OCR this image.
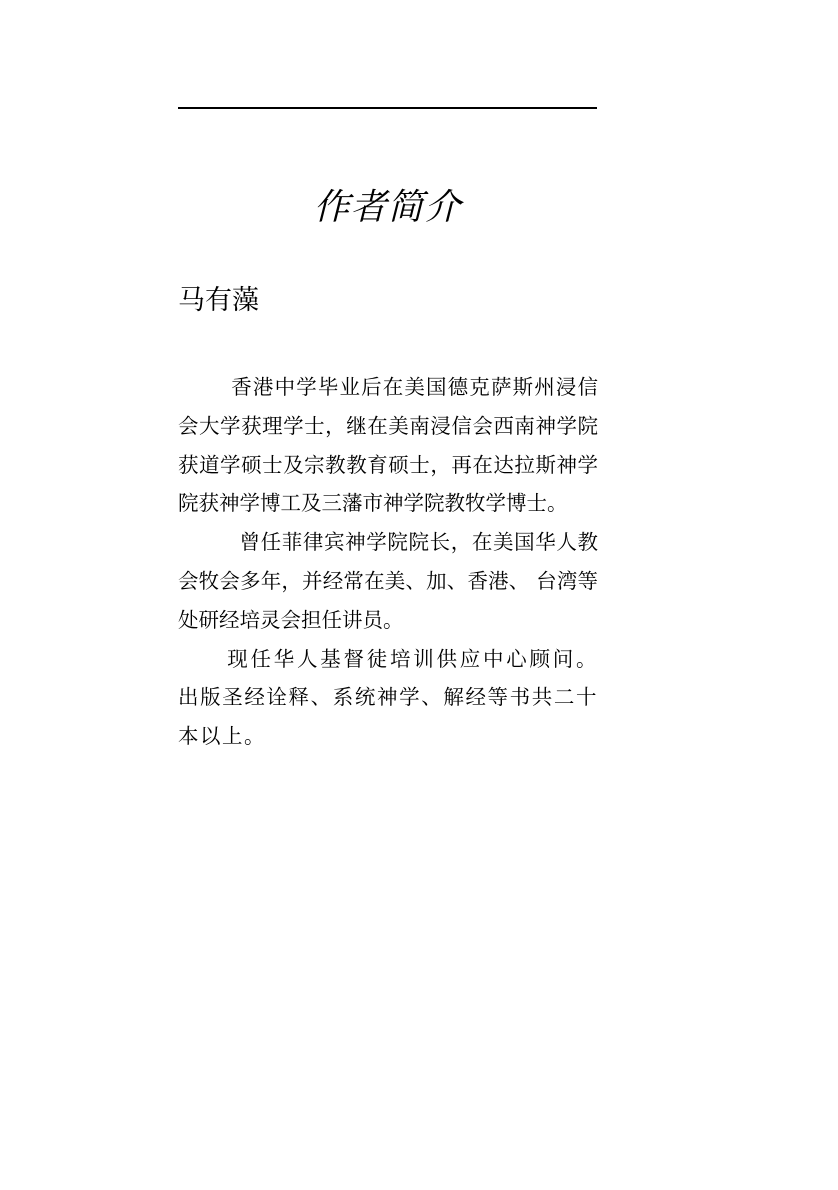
作者简介
马有藻

香港中学毕业后在美国德克萨斯州浸信会大学获理学士，继在美南浸信会西南神学院获道学硕士及宗教教育硕士，再在达拉斯神学院获神学博工及三藩市神学院教牧学博士。

曾任菲律宾神学院院长，在美国华人教会牧会多年，并经常在美、加、香港、 台湾等处研经培灵会担任讲员。

现任华人基督徒培训供应中心顾问。 出版圣经诠释、系统神学、解经等书共二十本以上。
